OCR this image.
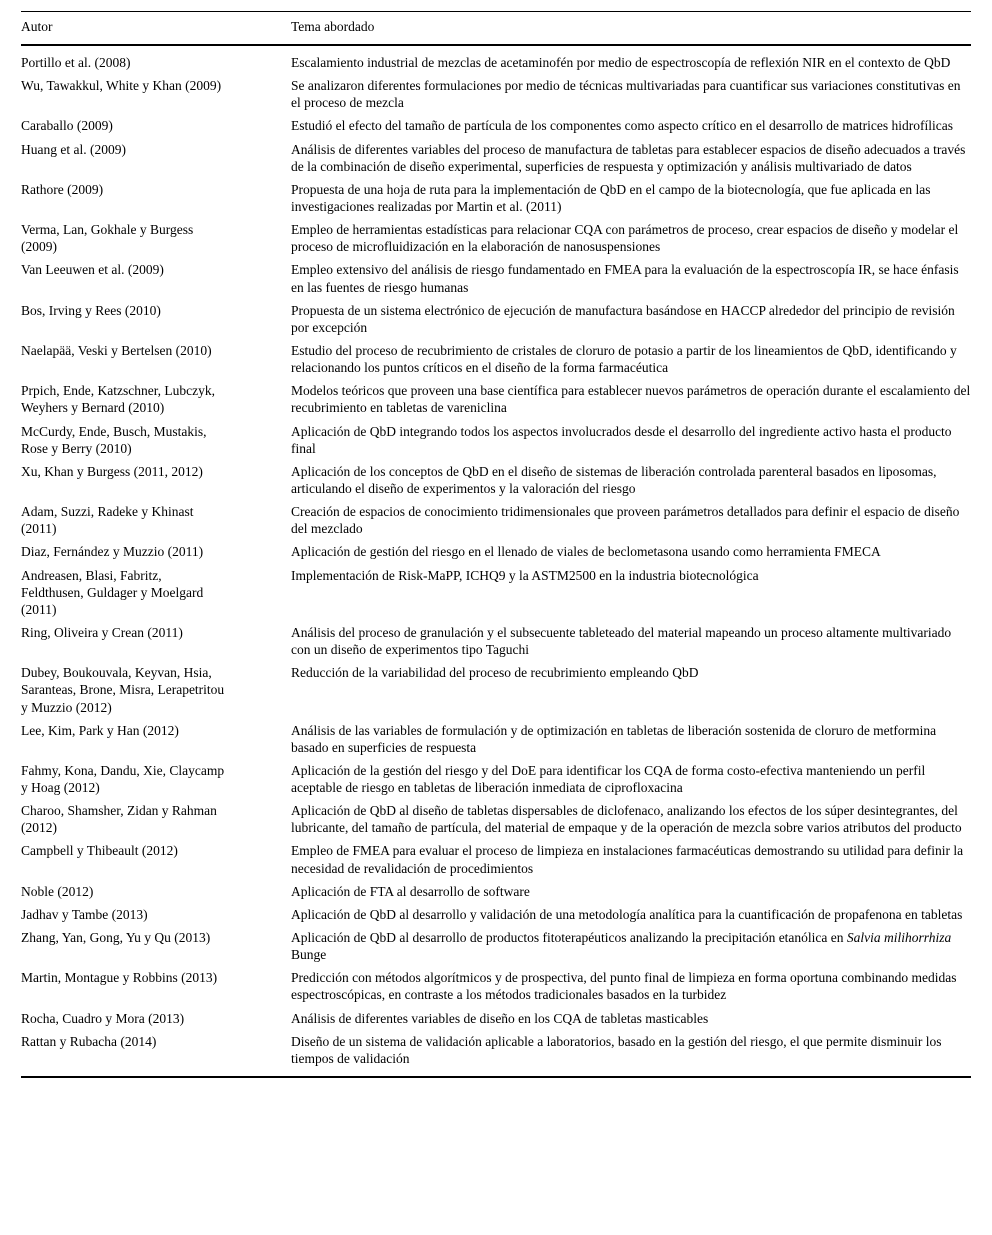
Autor	Tema abordado
Portillo et al. (2008)	Escalamiento industrial de mezclas de acetaminofén por medio de espectroscopía de reflexión NIR en el contexto de QbD
Wu, Tawakkul, White y Khan (2009)	Se analizaron diferentes formulaciones por medio de técnicas multivariadas para cuantificar sus variaciones constitutivas en el proceso de mezcla
Caraballo (2009)	Estudió el efecto del tamaño de partícula de los componentes como aspecto crítico en el desarrollo de matrices hidrofílicas
Huang et al. (2009)	Análisis de diferentes variables del proceso de manufactura de tabletas para establecer espacios de diseño adecuados a través de la combinación de diseño experimental, superficies de respuesta y optimización y análisis multivariado de datos
Rathore (2009)	Propuesta de una hoja de ruta para la implementación de QbD en el campo de la biotecnología, que fue aplicada en las investigaciones realizadas por Martin et al. (2011)
Verma, Lan, Gokhale y Burgess (2009)	Empleo de herramientas estadísticas para relacionar CQA con parámetros de proceso, crear espacios de diseño y modelar el proceso de microfluidización en la elaboración de nanosuspensiones
Van Leeuwen et al. (2009)	Empleo extensivo del análisis de riesgo fundamentado en FMEA para la evaluación de la espectroscopía IR, se hace énfasis en las fuentes de riesgo humanas
Bos, Irving y Rees (2010)	Propuesta de un sistema electrónico de ejecución de manufactura basándose en HACCP alrededor del principio de revisión por excepción
Naelapää, Veski y Bertelsen (2010)	Estudio del proceso de recubrimiento de cristales de cloruro de potasio a partir de los lineamientos de QbD, identificando y relacionando los puntos críticos en el diseño de la forma farmacéutica
Prpich, Ende, Katzschner, Lubczyk, Weyhers y Bernard (2010)	Modelos teóricos que proveen una base científica para establecer nuevos parámetros de operación durante el escalamiento del recubrimiento en tabletas de vareniclina
McCurdy, Ende, Busch, Mustakis, Rose y Berry (2010)	Aplicación de QbD integrando todos los aspectos involucrados desde el desarrollo del ingrediente activo hasta el producto final
Xu, Khan y Burgess (2011, 2012)	Aplicación de los conceptos de QbD en el diseño de sistemas de liberación controlada parenteral basados en liposomas, articulando el diseño de experimentos y la valoración del riesgo
Adam, Suzzi, Radeke y Khinast (2011)	Creación de espacios de conocimiento tridimensionales que proveen parámetros detallados para definir el espacio de diseño del mezclado
Diaz, Fernández y Muzzio (2011)	Aplicación de gestión del riesgo en el llenado de viales de beclometasona usando como herramienta FMECA
Andreasen, Blasi, Fabritz, Feldthusen, Guldager y Moelgard (2011)	Implementación de Risk-MaPP, ICHQ9 y la ASTM2500 en la industria biotecnológica
Ring, Oliveira y Crean (2011)	Análisis del proceso de granulación y el subsecuente tableteado del material mapeando un proceso altamente multivariado con un diseño de experimentos tipo Taguchi
Dubey, Boukouvala, Keyvan, Hsia, Saranteas, Brone, Misra, Lerapetritou y Muzzio (2012)	Reducción de la variabilidad del proceso de recubrimiento empleando QbD
Lee, Kim, Park y Han (2012)	Análisis de las variables de formulación y de optimización en tabletas de liberación sostenida de cloruro de metformina basado en superficies de respuesta
Fahmy, Kona, Dandu, Xie, Claycamp y Hoag (2012)	Aplicación de la gestión del riesgo y del DoE para identificar los CQA de forma costo-efectiva manteniendo un perfil aceptable de riesgo en tabletas de liberación inmediata de ciprofloxacina
Charoo, Shamsher, Zidan y Rahman (2012)	Aplicación de QbD al diseño de tabletas dispersables de diclofenaco, analizando los efectos de los súper desintegrantes, del lubricante, del tamaño de partícula, del material de empaque y de la operación de mezcla sobre varios atributos del producto
Campbell y Thibeault (2012)	Empleo de FMEA para evaluar el proceso de limpieza en instalaciones farmacéuticas demostrando su utilidad para definir la necesidad de revalidación de procedimientos
Noble (2012)	Aplicación de FTA al desarrollo de software
Jadhav y Tambe (2013)	Aplicación de QbD al desarrollo y validación de una metodología analítica para la cuantificación de propafenona en tabletas
Zhang, Yan, Gong, Yu y Qu (2013)	Aplicación de QbD al desarrollo de productos fitoterapéuticos analizando la precipitación etanólica en Salvia milihorrhiza Bunge
Martin, Montague y Robbins (2013)	Predicción con métodos algorítmicos y de prospectiva, del punto final de limpieza en forma oportuna combinando medidas espectroscópicas, en contraste a los métodos tradicionales basados en la turbidez
Rocha, Cuadro y Mora (2013)	Análisis de diferentes variables de diseño en los CQA de tabletas masticables
Rattan y Rubacha (2014)	Diseño de un sistema de validación aplicable a laboratorios, basado en la gestión del riesgo, el que permite disminuir los tiempos de validación
